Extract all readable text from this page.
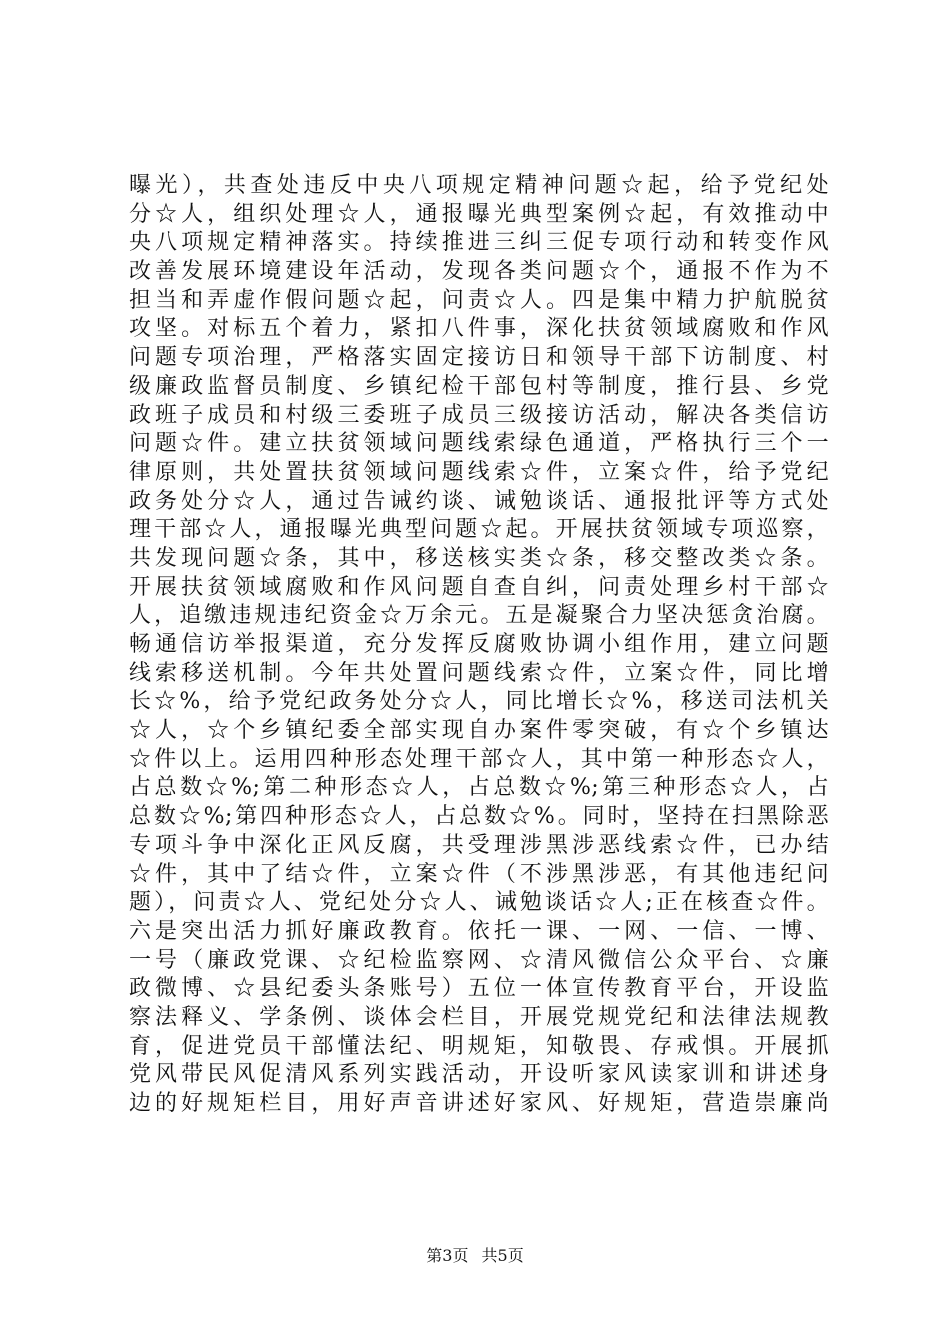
曝光），共查处违反中央八项规定精神问题☆起，给予党纪处
分☆人，组织处理☆人，通报曝光典型案例☆起，有效推动中
央八项规定精神落实。持续推进三纠三促专项行动和转变作风
改善发展环境建设年活动，发现各类问题☆个，通报不作为不
担当和弄虚作假问题☆起，问责☆人。四是集中精力护航脱贫
攻坚。对标五个着力，紧扣八件事，深化扶贫领域腐败和作风
问题专项治理，严格落实固定接访日和领导干部下访制度、村
级廉政监督员制度、乡镇纪检干部包村等制度，推行县、乡党
政班子成员和村级三委班子成员三级接访活动，解决各类信访
问题☆件。建立扶贫领域问题线索绿色通道，严格执行三个一
律原则，共处置扶贫领域问题线索☆件，立案☆件，给予党纪
政务处分☆人，通过告诫约谈、诫勉谈话、通报批评等方式处
理干部☆人，通报曝光典型问题☆起。开展扶贫领域专项巡察，
共发现问题☆条，其中，移送核实类☆条，移交整改类☆条。
开展扶贫领域腐败和作风问题自查自纠，问责处理乡村干部☆
人，追缴违规违纪资金☆万余元。五是凝聚合力坚决惩贪治腐。
畅通信访举报渠道，充分发挥反腐败协调小组作用，建立问题
线索移送机制。今年共处置问题线索☆件，立案☆件，同比增
长☆%，给予党纪政务处分☆人，同比增长☆%，移送司法机关
☆人，☆个乡镇纪委全部实现自办案件零突破，有☆个乡镇达
☆件以上。运用四种形态处理干部☆人，其中第一种形态☆人，
占总数☆%;第二种形态☆人，占总数☆%;第三种形态☆人，占
总数☆%;第四种形态☆人，占总数☆%。同时，坚持在扫黑除恶
专项斗争中深化正风反腐，共受理涉黑涉恶线索☆件，已办结
☆件，其中了结☆件，立案☆件（不涉黑涉恶，有其他违纪问
题），问责☆人、党纪处分☆人、诫勉谈话☆人;正在核查☆件。
六是突出活力抓好廉政教育。依托一课、一网、一信、一博、
一号（廉政党课、☆纪检监察网、☆清风微信公众平台、☆廉
政微博、☆县纪委头条账号）五位一体宣传教育平台，开设监
察法释义、学条例、谈体会栏目，开展党规党纪和法律法规教
育，促进党员干部懂法纪、明规矩，知敬畏、存戒惧。开展抓
党风带民风促清风系列实践活动，开设听家风读家训和讲述身
边的好规矩栏目，用好声音讲述好家风、好规矩，营造崇廉尚
第3页 共5页
